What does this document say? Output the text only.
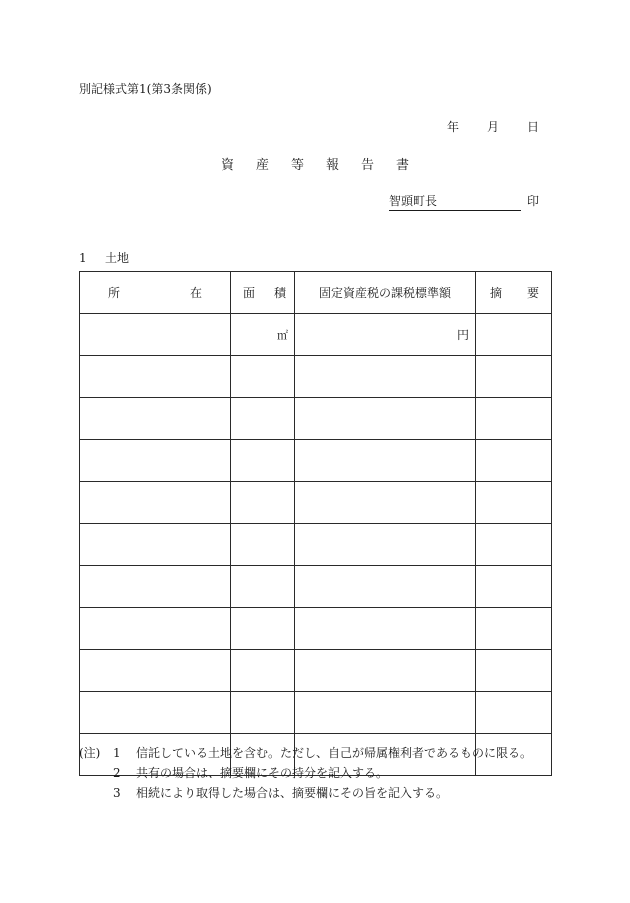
別記様式第1(第3条関係)
年 月 日
資 産 等 報 告 書
智頭町長	印
1 土地
所 在	面 積	固定資産税の課税標準額	摘 要

	㎡	円	

(注)	1	信託している土地を含む。ただし、自己が帰属権利者であるものに限る。
2	共有の場合は、摘要欄にその持分を記入する。
3	相続により取得した場合は、摘要欄にその旨を記入する。
